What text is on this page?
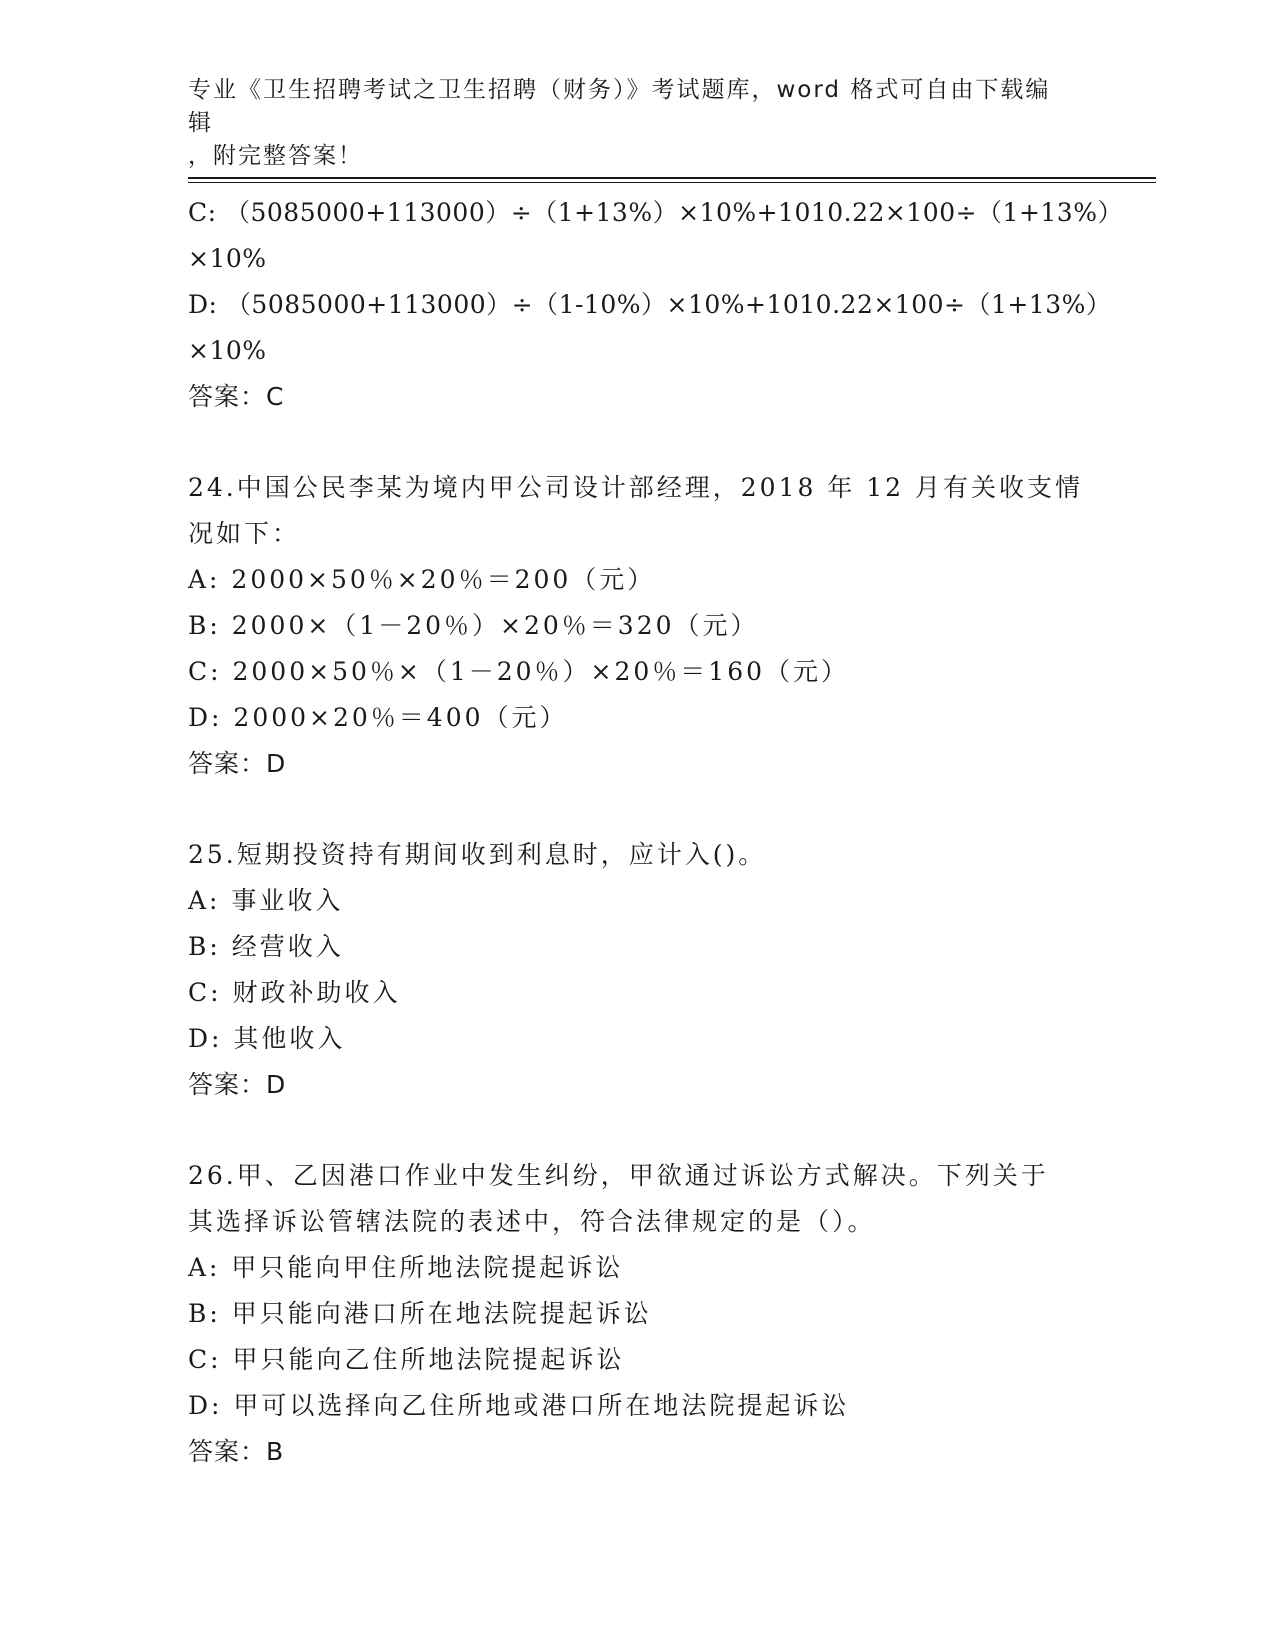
专业《卫生招聘考试之卫生招聘（财务）》考试题库，word 格式可自由下载编辑
，附完整答案！
C: （5085000+113000）÷（1+13%）×10%+1010.22×100÷（1+13%）
×10%
D: （5085000+113000）÷（1-10%）×10%+1010.22×100÷（1+13%）
×10%
答案：C
24.中国公民李某为境内甲公司设计部经理，2018 年 12 月有关收支情
况如下：
A: 2000×50％×20％＝200（元）
B: 2000×（1－20％）×20％＝320（元）
C: 2000×50％×（1－20％）×20％＝160（元）
D: 2000×20％＝400（元）
答案：D
25.短期投资持有期间收到利息时，应计入()。
A: 事业收入
B: 经营收入
C: 财政补助收入
D: 其他收入
答案：D
26.甲、乙因港口作业中发生纠纷，甲欲通过诉讼方式解决。下列关于
其选择诉讼管辖法院的表述中，符合法律规定的是（）。
A: 甲只能向甲住所地法院提起诉讼
B: 甲只能向港口所在地法院提起诉讼
C: 甲只能向乙住所地法院提起诉讼
D: 甲可以选择向乙住所地或港口所在地法院提起诉讼
答案：B
